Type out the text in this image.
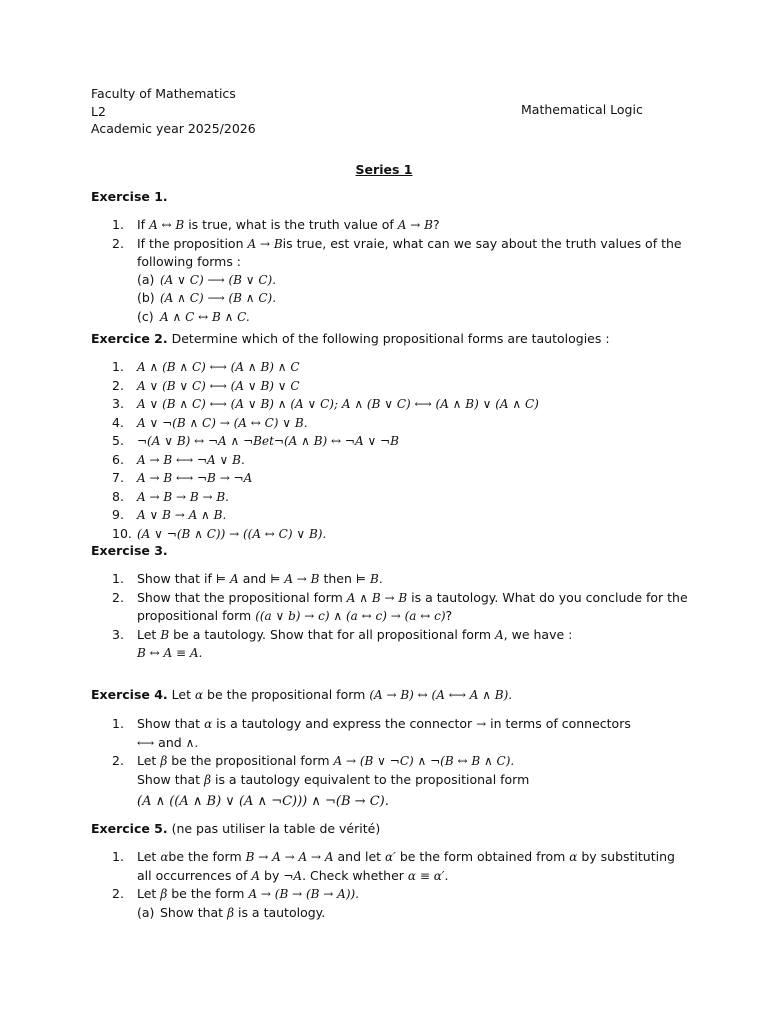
Faculty of Mathematics
L2
Academic year 2025/2026
Mathematical Logic
Series 1
Exercise 1.
1. If A ↔ B is true, what is the truth value of A → B?
2. If the proposition A → Bis true, est vraie, what can we say about the truth values of the following forms :
(a) (A ∨ C) ⟶ (B ∨ C).
(b) (A ∧ C) ⟶ (B ∧ C).
(c) A ∧ C ↔ B ∧ C.
Exercice 2. Determine which of the following propositional forms are tautologies :
1. A ∧ (B ∧ C) ⟷ (A ∧ B) ∧ C
2. A ∨ (B ∨ C) ⟷ (A ∨ B) ∨ C
3. A ∨ (B ∧ C) ⟷ (A ∨ B) ∧ (A ∨ C); A ∧ (B ∨ C) ⟷ (A ∧ B) ∨ (A ∧ C)
4. A ∨ ¬(B ∧ C) → (A ↔ C) ∨ B.
5. ¬(A ∨ B) ↔ ¬A ∧ ¬Bet¬(A ∧ B) ↔ ¬A ∨ ¬B
6. A → B ⟷ ¬A ∨ B.
7. A → B ⟷ ¬B → ¬A
8. A → B → B → B.
9. A ∨ B → A ∧ B.
10. (A ∨ ¬(B ∧ C)) → ((A ↔ C) ∨ B).
Exercise 3.
1. Show that if ⊨ A and ⊨ A → B then ⊨ B.
2. Show that the propositional form A ∧ B → B is a tautology. What do you conclude for the propositional form ((a ∨ b) → c) ∧ (a ↔ c) → (a ↔ c)?
3. Let B be a tautology. Show that for all propositional form A, we have :
B ↔ A ≡ A.
Exercise 4. Let α be the propositional form (A → B) ↔ (A ⟷ A ∧ B).
1. Show that α is a tautology and express the connector → in terms of connectors
⟷ and ∧.
2. Let β be the propositional form A → (B ∨ ¬C) ∧ ¬(B ↔ B ∧ C).
Show that β is a tautology equivalent to the propositional form
(A ∧ ((A ∧ B) ∨ (A ∧ ¬C))) ∧ ¬(B → C).
Exercice 5. (ne pas utiliser la table de vérité)
1. Let αbe the form B → A → A → A and let α′ be the form obtained from α by substituting all occurrences of A by ¬A. Check whether α ≡ α′.
2. Let β be the form A → (B → (B → A)).
(a) Show that β is a tautology.
